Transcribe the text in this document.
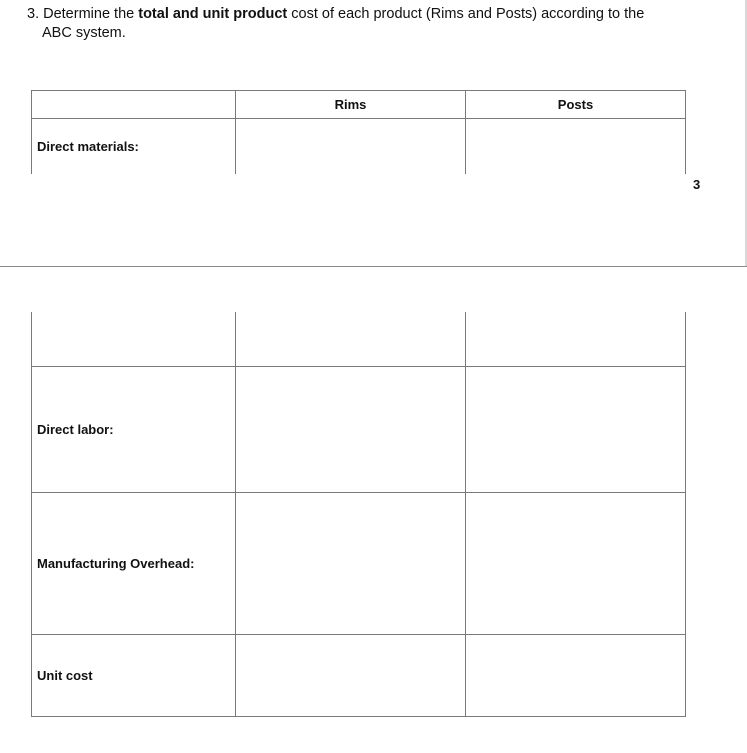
3. Determine the total and unit product cost of each product (Rims and Posts) according to the
ABC system.
	Rims	Posts
Direct materials:		
3

Direct labor:		
Manufacturing Overhead:		
Unit cost		
